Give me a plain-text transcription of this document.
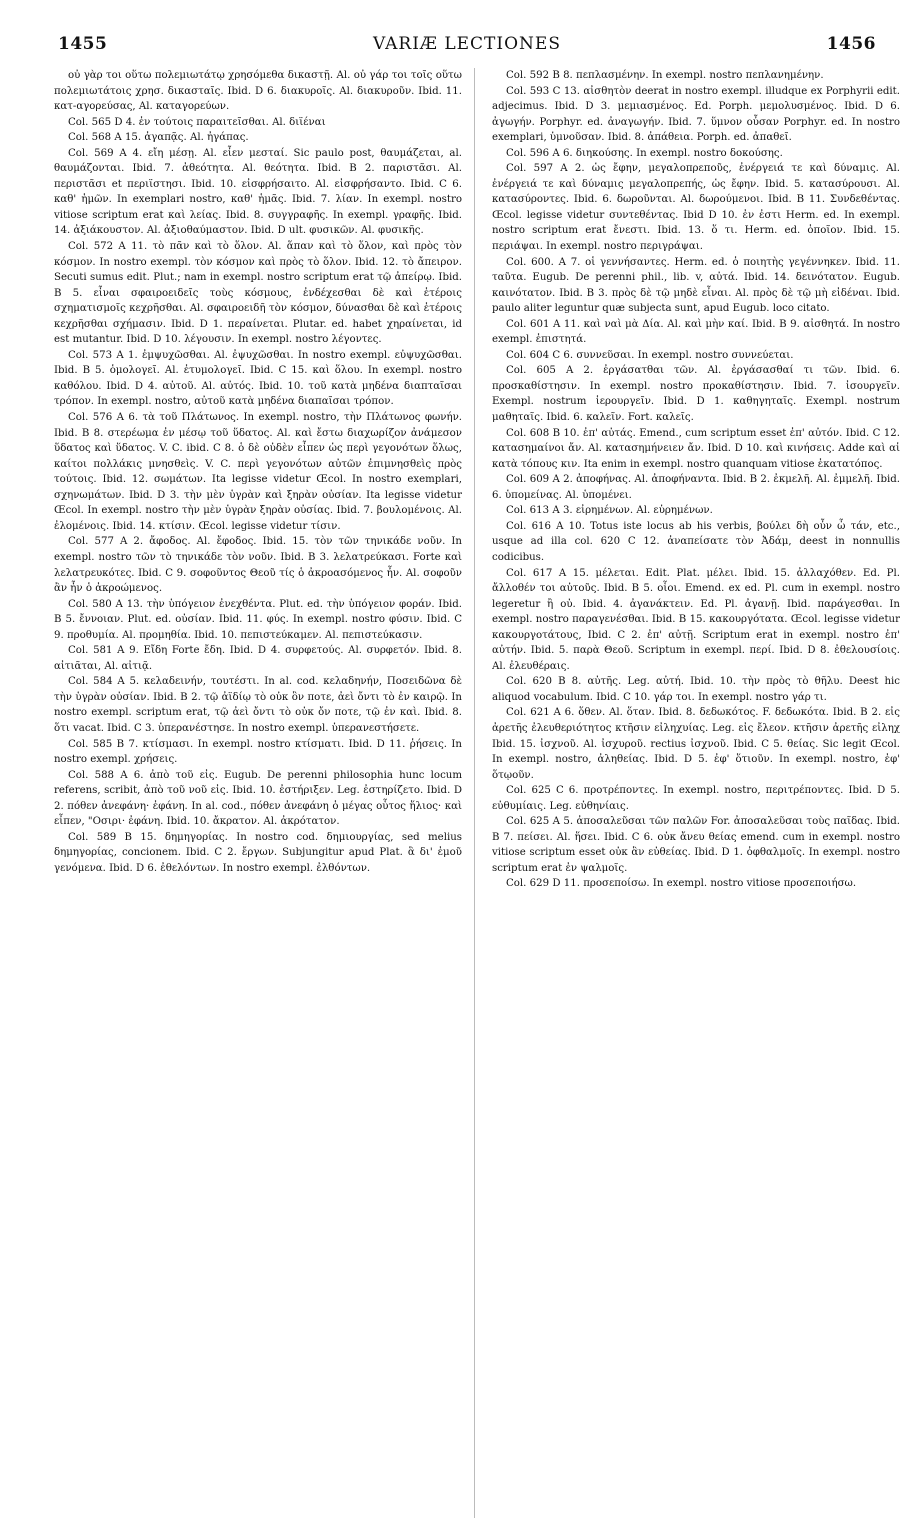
1455	VARIÆ LECTIONES	1456

οὐ γὰρ τοι οὕτω πολεμιωτάτῳ χρησόμεθα δικαστῇ. Al. οὐ γάρ τοι τοῖς οὕτω πολεμιωτάτοις χρησ. δικασταῖς. Ibid. D 6. διακυροῖς. Al. διακυροῦν. Ibid. 11. κατ-αγορεύσας, Al. καταγορεύων.

Col. 565 D 4. ἐν τούτοις παραιτεῖσθαι. Al. διϊέναι

Col. 568 A 15. ἀγαπᾷς. Al. ἠγάπας.

Col. 569 A 4. εἴη μέσῃ. Al. εἶεν μεσταί. Sic paulo post, θαυμάζεται, al. θαυμάζονται. Ibid. 7. ἀθεότητα. Al. θεότητα. Ibid. B 2. παριστᾶσι. Al. περιστᾶσι et περιϊστησι. Ibid. 10. εἰσφρήσαιτο. Al. εἰσφρήσαντο. Ibid. C 6. καθ' ἡμῶν. In exemplari nostro, καθ' ἡμᾶς. Ibid. 7. λίαν. In exempl. nostro vitiose scriptum erat καὶ λείας. Ibid. 8. συγγραφῆς. In exempl. γραφῆς. Ibid. 14. ἀξιάκουστον. Al. ἀξιοθαύμαστον. Ibid. D ult. φυσικῶν. Al. φυσικῆς.

Col. 572 A 11. τὸ πᾶν καὶ τὸ ὅλον. Al. ἅπαν καὶ τὸ ὅλον, καὶ πρὸς τὸν κόσμον. In nostro exempl. τὸν κόσμον καὶ πρὸς τὸ ὅλον. Ibid. 12. τὸ ἄπειρον. Secuti sumus edit. Plut.; nam in exempl. nostro scriptum erat τῷ ἀπείρῳ. Ibid. B 5. εἶναι σφαιροειδεῖς τοὺς κόσμους, ἐνδέχεσθαι δὲ καὶ ἑτέροις σχηματισμοῖς κεχρῆσθαι. Al. σφαιροειδῆ τὸν κόσμον, δύνασθαι δὲ καὶ ἑτέροις κεχρῆσθαι σχήμασιν. Ibid. D 1. περαίνεται. Plutar. ed. habet χηραίνεται, id est mutantur. Ibid. D 10. λέγουσιν. In exempl. nostro λέγοντες.

Col. 573 A 1. ἐμψυχῶσθαι. Al. ἐψυχῶσθαι. In nostro exempl. εὐψυχῶσθαι. Ibid. B 5. ὁμολογεῖ. Al. ἐτυμολογεῖ. Ibid. C 15. καὶ ὅλου. In exempl. nostro καθόλου. Ibid. D 4. αὐτοῦ. Al. αὐτός. Ibid. 10. τοῦ κατὰ μηδένα διαπταῖσαι τρόπον. In exempl. nostro, αὐτοῦ κατὰ μηδένα διαπαῖσαι τρόπον.

Col. 576 A 6. τὰ τοῦ Πλάτωνος. In exempl. nostro, τὴν Πλάτωνος φωνήν. Ibid. B 8. στερέωμα ἐν μέσῳ τοῦ ὕδατος. Al. καὶ ἔστω διαχωρίζον ἀνάμεσον ὕδατος καὶ ὕδατος. V. C. ibid. C 8. ὁ δὲ οὐδὲν εἶπεν ὡς περὶ γεγονότων ὅλως, καίτοι πολλάκις μνησθεὶς. V. C. περὶ γεγονότων αὐτῶν ἐπιμνησθεὶς πρὸς τούτοις. Ibid. 12. σωμάτων. Ita legisse videtur Œcol. In nostro exemplari, σχηνωμάτων. Ibid. D 3. τὴν μὲν ὑγρὰν καὶ ξηρὰν οὐσίαν. Ita legisse videtur Œcol. In exempl. nostro τὴν μὲν ὑγρὰν ξηρὰν οὐσίας. Ibid. 7. βουλομένοις. Al. ἐλομένοις. Ibid. 14. κτίσιν. Œcol. legisse videtur τίσιν.

Col. 577 A 2. ἄφοδος. Al. ἔφοδος. Ibid. 15. τὸν τῶν τηνικάδε νοῦν. In exempl. nostro τῶν τὸ τηνικάδε τὸν νοῦν. Ibid. B 3. λελατρεύκασι. Forte καὶ λελατρευκότες. Ibid. C 9. σοφοῦντος Θεοῦ τίς ὁ ἀκροασόμενος ἦν. Al. σοφοῦν ἂν ἦν ὁ ἀκροώμενος.

Col. 580 A 13. τὴν ὑπόγειον ἐνεχθέντα. Plut. ed. τὴν ὑπόγειον φοράν. Ibid. B 5. ἔννοιαν. Plut. ed. οὐσίαν. Ibid. 11. φύς. In exempl. nostro φύσιν. Ibid. C 9. προθυμία. Al. προμηθία. Ibid. 10. πεπιστεύκαμεν. Al. πεπιστεύκασιν.

Col. 581 A 9. Εἴδη Forte ἔδη. Ibid. D 4. συρφετούς. Al. συρφετόν. Ibid. 8. αἰτιᾶται, Al. αἰτιᾷ.

Col. 584 A 5. κελαδεινήν, τουτέστι. In al. cod. κελαδηνήν, Ποσειδῶνα δὲ τὴν ὑγρὰν οὐσίαν. Ibid. B 2. τῷ ἀϊδίῳ τὸ οὐκ ὂν ποτε, ἀεὶ ὄντι τὸ ἐν καιρῷ. In nostro exempl. scriptum erat, τῷ ἀεὶ ὄντι τὸ οὐκ ὄν ποτε, τῷ ἐν καὶ. Ibid. 8. ὅτι vacat. Ibid. C 3. ὑπερανέστησε. In nostro exempl. ὑπερανεστήσετε.

Col. 585 B 7. κτίσμασι. In exempl. nostro κτίσματι. Ibid. D 11. ῥήσεις. In nostro exempl. χρήσεις.

Col. 588 A 6. ἀπὸ τοῦ εἰς. Eugub. De perenni philosophia hunc locum referens, scribit, ἀπὸ τοῦ νοῦ εἰς. Ibid. 10. ἐστήριξεν. Leg. ἐστηρίζετο. Ibid. D 2. πόθεν ἀνεφάνη· ἐφάνη. In al. cod., πόθεν ἀνεφάνη ὁ μέγας οὗτος ἥλιος· καὶ εἶπεν, "Οσιρι· ἐφάνη. Ibid. 10. ἄκρατον. Al. ἀκρότατον.

Col. 589 B 15. δημηγορίας. In nostro cod. δημιουργίας, sed melius δημηγορίας, concionem. Ibid. C 2. ἔργων. Subjungitur apud Plat. ἃ δι' ἐμοῦ γενόμενα. Ibid. D 6. ἐθελόντων. In nostro exempl. ἐλθόντων.

Col. 592 B 8. πεπλασμένην. In exempl. nostro πεπλανημένην.

Col. 593 C 13. αἰσθητὸν deerat in nostro exempl. illudque ex Porphyrii edit. adjecimus. Ibid. D 3. μεμιασμένος. Ed. Porph. μεμολυσμένος. Ibid. D 6. ἀγωγήν. Porphyr. ed. ἀναγωγήν. Ibid. 7. ὕμνον οὖσαν Porphyr. ed. In nostro exemplari, ὑμνοῦσαν. Ibid. 8. ἀπάθεια. Porph. ed. ἀπαθεῖ.

Col. 596 A 6. διηκούσης. In exempl. nostro δοκούσης.

Col. 597 A 2. ὡς ἔφην, μεγαλοπρεποῦς, ἐνέργειά τε καὶ δύναμις. Al. ἐνέργειά τε καὶ δύναμις μεγαλοπρεπής, ὡς ἔφην. Ibid. 5. κατασύρουσι. Al. κατασύροντες. Ibid. 6. δωροῦνται. Al. δωρούμενοι. Ibid. B 11. Συνδεθέντας. Œcol. legisse videtur συντεθέντας. Ibid D 10. ἐν ἐστι Herm. ed. In exempl. nostro scriptum erat ἔνεστι. Ibid. 13. ὅ τι. Herm. ed. ὁποῖον. Ibid. 15. περιάψαι. In exempl. nostro περιγράψαι.

Col. 600. A 7. οἱ γεννήσαντες. Herm. ed. ὁ ποιητὴς γεγέννηκεν. Ibid. 11. ταῦτα. Eugub. De perenni phil., lib. v, αὐτά. Ibid. 14. δεινότατον. Eugub. καινότατον. Ibid. B 3. πρὸς δὲ τῷ μηδὲ εἶναι. Al. πρὸς δὲ τῷ μὴ εἰδέναι. Ibid. paulo aliter leguntur quæ subjecta sunt, apud Eugub. loco citato.

Col. 601 A 11. καὶ ναὶ μὰ Δία. Al. καὶ μὴν καί. Ibid. B 9. αἰσθητά. In nostro exempl. ἐπιστητά.

Col. 604 C 6. συννεῦσαι. In exempl. nostro συννεύεται.

Col. 605 A 2. ἐργάσατθαι τῶν. Al. ἐργάσασθαί τι τῶν. Ibid. 6. προσκαθίστησιν. In exempl. nostro προκαθίστησιν. Ibid. 7. ἰσουργεῖν. Exempl. nostrum ἱερουργεῖν. Ibid. D 1. καθηγηταῖς. Exempl. nostrum μαθηταῖς. Ibid. 6. καλεῖν. Fort. καλεῖς.

Col. 608 B 10. ἐπ' αὐτάς. Emend., cum scriptum esset ἐπ' αὐτόν. Ibid. C 12. κατασημαίνοι ἄν. Al. κατασημήνειεν ἄν. Ibid. D 10. καὶ κινήσεις. Adde καὶ αἱ κατὰ τόπους κιν. Ita enim in exempl. nostro quanquam vitiose ἑκατατόπος.

Col. 609 A 2. ἀποφήνας. Al. ἀποφήναντα. Ibid. B 2. ἐκμελῆ. Al. ἐμμελῆ. Ibid. 6. ὑπομείνας. Al. ὑπομένει.

Col. 613 A 3. εἰρημένων. Al. εὑρημένων.

Col. 616 A 10. Totus iste locus ab his verbis, βούλει δὴ οὖν ὦ τάν, etc., usque ad illa col. 620 C 12. ἀναπείσατε τὸν Ἀδάμ, deest in nonnullis codicibus.

Col. 617 A 15. μέλεται. Edit. Plat. μέλει. Ibid. 15. ἀλλαχόθεν. Ed. Pl. ἄλλοθέν τοι αὐτοῦς. Ibid. B 5. οἷοι. Emend. ex ed. Pl. cum in exempl. nostro legeretur ἢ οὐ. Ibid. 4. ἀγανάκτειν. Ed. Pl. ἀγανῇ. Ibid. παράγεσθαι. In exempl. nostro παραγενέσθαι. Ibid. B 15. κακουργότατα. Œcol. legisse videtur κακουργοτάτους, Ibid. C 2. ἐπ' αὐτῇ. Scriptum erat in exempl. nostro ἐπ' αὐτήν. Ibid. 5. παρὰ Θεοῦ. Scriptum in exempl. περί. Ibid. D 8. ἐθελουσίοις. Al. ἐλευθέραις.

Col. 620 B 8. αὐτῆς. Leg. αὐτή. Ibid. 10. τὴν πρὸς τὸ θῆλυ. Deest hic aliquod vocabulum. Ibid. C 10. γάρ τοι. In exempl. nostro γάρ τι.

Col. 621 A 6. ὅθεν. Al. ὅταν. Ibid. 8. δεδωκότος. F. δεδωκότα. Ibid. B 2. εἰς ἀρετῆς ἐλευθεριότητος κτῆσιν εἰληχυίας. Leg. εἰς ἔλεον. κτῆσιν ἀρετῆς εἰληχ Ibid. 15. ἰσχνοῦ. Al. ἰσχυροῦ. rectius ἰσχνοῦ. Ibid. C 5. θείας. Sic legit Œcol. In exempl. nostro, ἀληθείας. Ibid. D 5. ἐφ' ὅτιοῦν. In exempl. nostro, ἐφ' ὅτῳοῦν.

Col. 625 C 6. προτρέποντες. In exempl. nostro, περιτρέποντες. Ibid. D 5. εὐθυμίαις. Leg. εὐθηνίαις.

Col. 625 A 5. ἀποσαλεῦσαι τῶν παλῶν For. ἀποσαλεῦσαι τοὺς παῖδας. Ibid. B 7. πείσει. Al. ἥσει. Ibid. C 6. οὐκ ἄνευ θείας emend. cum in exempl. nostro vitiose scriptum esset οὐκ ἂν εὐθείας. Ibid. D 1. ὀφθαλμοῖς. In exempl. nostro scriptum erat ἐν ψαλμοῖς.

Col. 629 D 11. προσεποίσω. In exempl. nostro vitiose προσεποιήσω.
